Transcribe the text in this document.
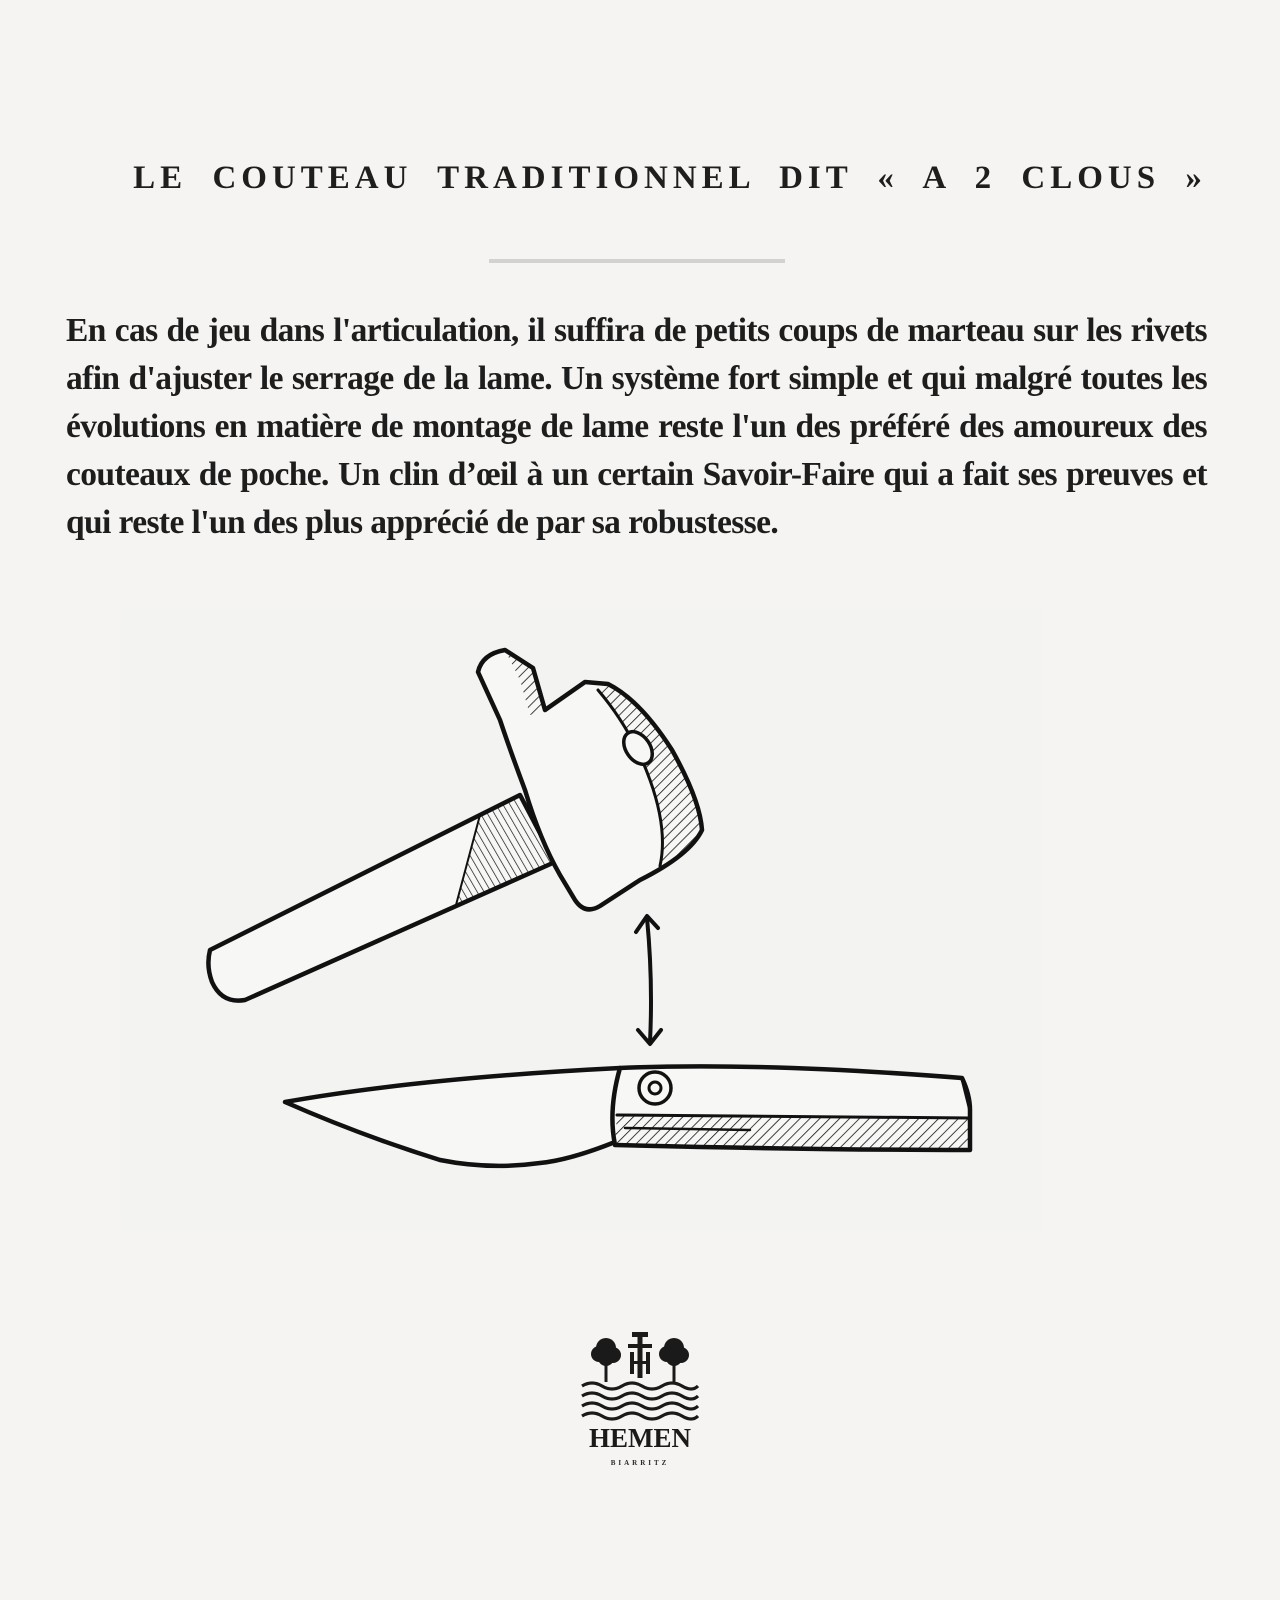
LE COUTEAU TRADITIONNEL DIT « A 2 CLOUS »
En cas de jeu dans l'articulation, il suffira de petits coups de marteau sur les rivets afin d'ajuster le serrage de la lame. Un système fort simple et qui malgré toutes les évolutions en matière de montage de lame reste l'un des préféré des amoureux des couteaux de poche. Un clin d’œil à un certain Savoir-Faire qui a fait ses preuves et qui reste l'un des plus apprécié de par sa robustesse.
HEMEN
BIARRITZ
